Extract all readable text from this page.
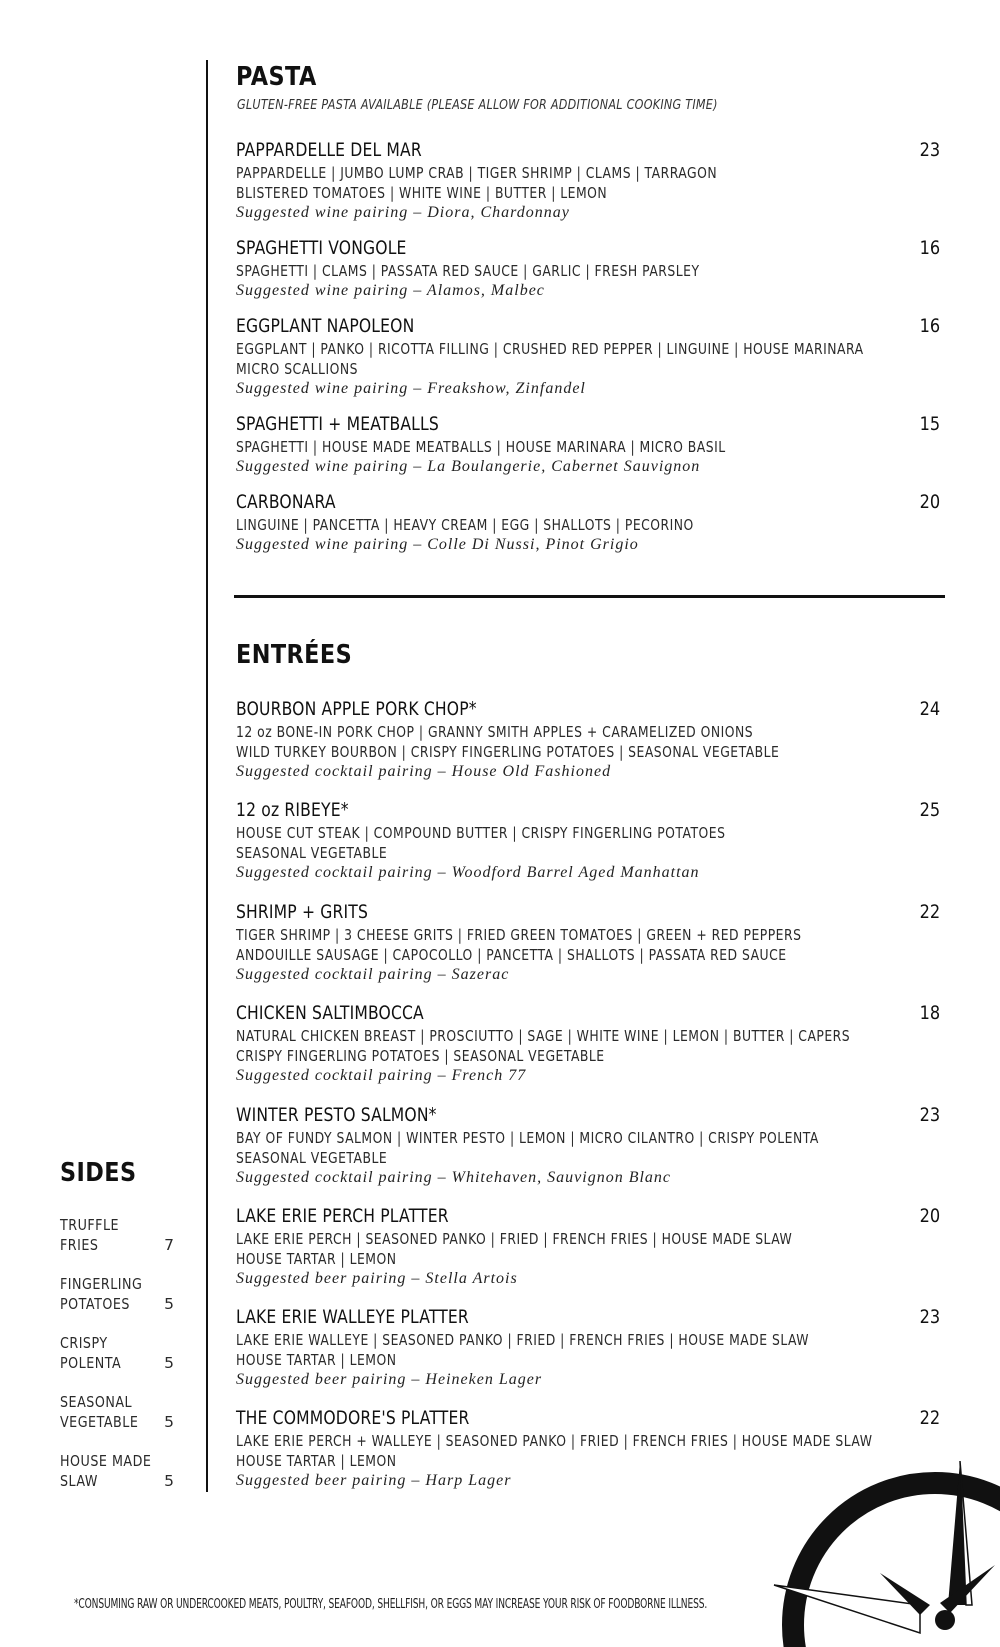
PASTA

GLUTEN-FREE PASTA AVAILABLE (PLEASE ALLOW FOR ADDITIONAL COOKING TIME)

PAPPARDELLE DEL MAR	23
PAPPARDELLE | JUMBO LUMP CRAB | TIGER SHRIMP | CLAMS | TARRAGON
BLISTERED TOMATOES | WHITE WINE | BUTTER | LEMON
Suggested wine pairing – Diora, Chardonnay
SPAGHETTI VONGOLE	16
SPAGHETTI | CLAMS | PASSATA RED SAUCE | GARLIC | FRESH PARSLEY
Suggested wine pairing – Alamos, Malbec
EGGPLANT NAPOLEON	16
EGGPLANT | PANKO | RICOTTA FILLING | CRUSHED RED PEPPER | LINGUINE | HOUSE MARINARA
MICRO SCALLIONS
Suggested wine pairing – Freakshow, Zinfandel
SPAGHETTI + MEATBALLS	15
SPAGHETTI | HOUSE MADE MEATBALLS | HOUSE MARINARA | MICRO BASIL
Suggested wine pairing – La Boulangerie, Cabernet Sauvignon
CARBONARA	20
LINGUINE | PANCETTA | HEAVY CREAM | EGG | SHALLOTS | PECORINO
Suggested wine pairing – Colle Di Nussi, Pinot Grigio
ENTRÉES
BOURBON APPLE PORK CHOP*	24
12 oz BONE-IN PORK CHOP | GRANNY SMITH APPLES + CARAMELIZED ONIONS
WILD TURKEY BOURBON | CRISPY FINGERLING POTATOES | SEASONAL VEGETABLE
Suggested cocktail pairing – House Old Fashioned
12 oz RIBEYE*	25
HOUSE CUT STEAK | COMPOUND BUTTER | CRISPY FINGERLING POTATOES
SEASONAL VEGETABLE
Suggested cocktail pairing – Woodford Barrel Aged Manhattan
SHRIMP + GRITS	22
TIGER SHRIMP | 3 CHEESE GRITS | FRIED GREEN TOMATOES | GREEN + RED PEPPERS
ANDOUILLE SAUSAGE | CAPOCOLLO | PANCETTA | SHALLOTS | PASSATA RED SAUCE
Suggested cocktail pairing – Sazerac
CHICKEN SALTIMBOCCA	18
NATURAL CHICKEN BREAST | PROSCIUTTO | SAGE | WHITE WINE | LEMON | BUTTER | CAPERS
CRISPY FINGERLING POTATOES | SEASONAL VEGETABLE
Suggested cocktail pairing – French 77
WINTER PESTO SALMON*	23
BAY OF FUNDY SALMON | WINTER PESTO | LEMON | MICRO CILANTRO | CRISPY POLENTA
SEASONAL VEGETABLE
Suggested cocktail pairing – Whitehaven, Sauvignon Blanc
LAKE ERIE PERCH PLATTER	20
LAKE ERIE PERCH | SEASONED PANKO | FRIED | FRENCH FRIES | HOUSE MADE SLAW
HOUSE TARTAR | LEMON
Suggested beer pairing – Stella Artois
LAKE ERIE WALLEYE PLATTER	23
LAKE ERIE WALLEYE | SEASONED PANKO | FRIED | FRENCH FRIES | HOUSE MADE SLAW
HOUSE TARTAR | LEMON
Suggested beer pairing – Heineken Lager
THE COMMODORE'S PLATTER	22
LAKE ERIE PERCH + WALLEYE | SEASONED PANKO | FRIED | FRENCH FRIES | HOUSE MADE SLAW
HOUSE TARTAR | LEMON
Suggested beer pairing – Harp Lager
SIDES
TRUFFLE FRIES	7
FINGERLING POTATOES 5
CRISPY POLENTA	5
SEASONAL VEGETABLE 5
HOUSE MADE SLAW	5

*CONSUMING RAW OR UNDERCOOKED MEATS, POULTRY, SEAFOOD, SHELLFISH, OR EGGS MAY INCREASE YOUR RISK OF FOODBORNE ILLNESS.
